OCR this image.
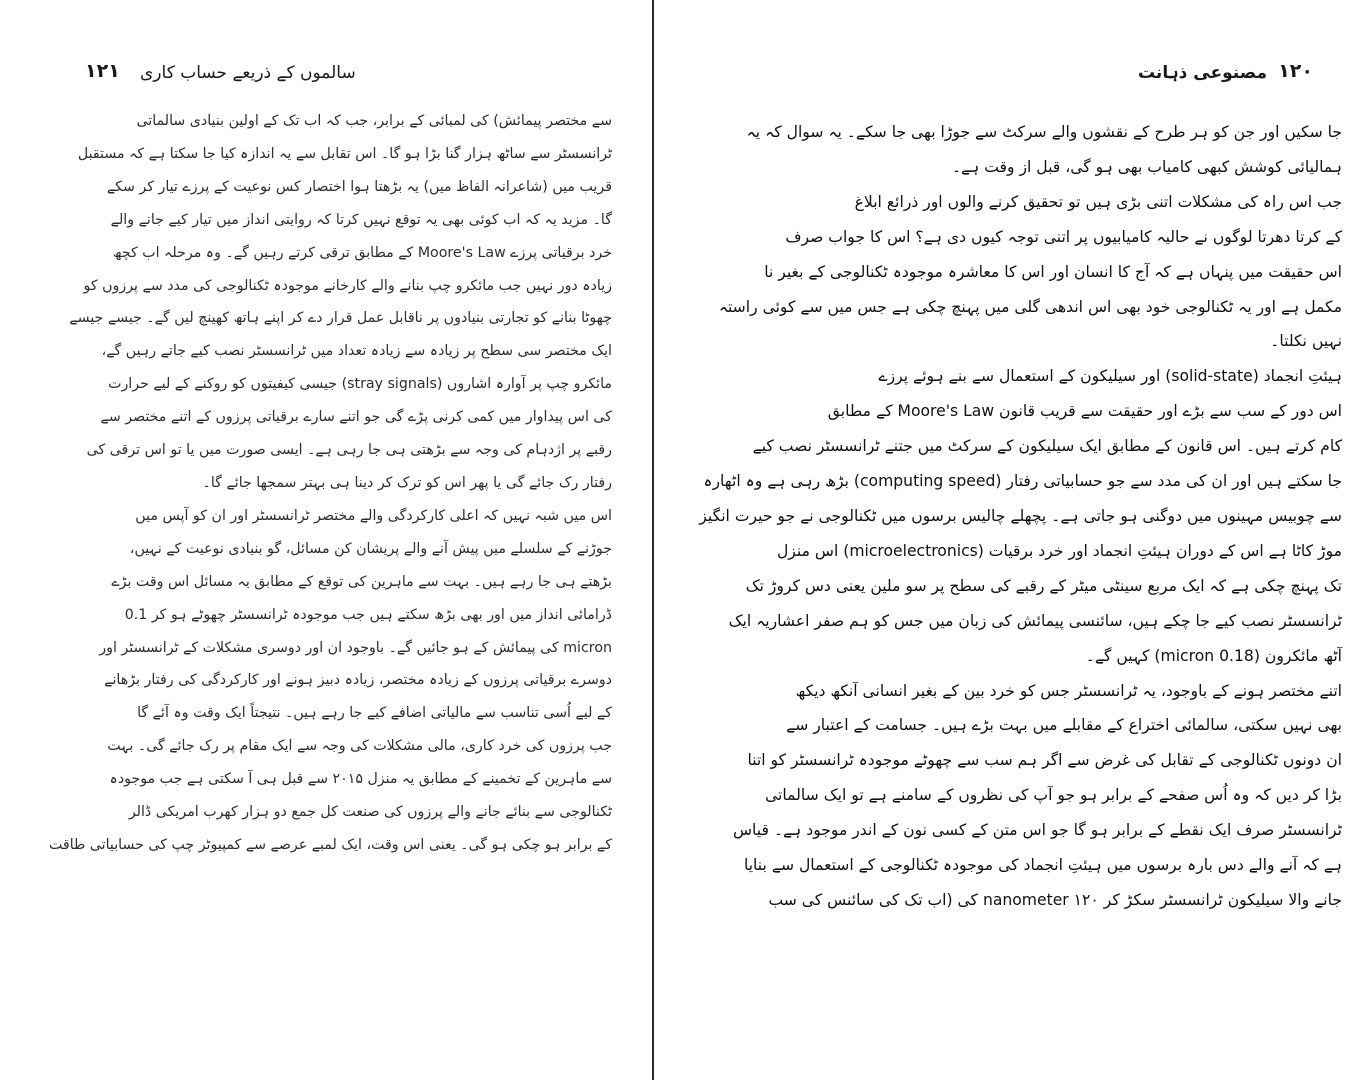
۱۲۱ سالموں کے ذریعے حساب کاری
سے مختصر پیمائش) کی لمبائی کے برابر، جب کہ اب تک کے اولین بنیادی سالماتی
ٹرانسسٹر سے ساٹھ ہزار گنا بڑا ہو گا۔ اس تقابل سے یہ اندازہ کیا جا سکتا ہے کہ مستقبل
قریب میں (شاعرانہ الفاظ میں) یہ بڑھتا ہوا اختصار کس نوعیت کے پرزے تیار کر سکے
گا۔ مزید یہ کہ اب کوئی بھی یہ توقع نہیں کرتا کہ روایتی انداز میں تیار کیے جانے والے
خرد برقیاتی پرزے Moore's Law کے مطابق ترقی کرتے رہیں گے۔ وہ مرحلہ اب کچھ
زیادہ دور نہیں جب مائکرو چپ بنانے والے کارخانے موجودہ ٹکنالوجی کی مدد سے پرزوں کو
چھوٹا بنانے کو تجارتی بنیادوں پر ناقابل عمل قرار دے کر اپنے ہاتھ کھینچ لیں گے۔ جیسے جیسے
ایک مختصر سی سطح پر زیادہ سے زیادہ تعداد میں ٹرانسسٹر نصب کیے جاتے رہیں گے،
مائکرو چپ پر آوارہ اشاروں (stray signals) جیسی کیفیتوں کو روکنے کے لیے حرارت
کی اس پیداوار میں کمی کرنی پڑے گی جو اتنے سارے برقیاتی پرزوں کے اتنے مختصر سے
رقبے پر اژدہام کی وجہ سے بڑھتی ہی جا رہی ہے۔ ایسی صورت میں یا تو اس ترقی کی
رفتار رک جائے گی یا پھر اس کو ترک کر دینا ہی بہتر سمجھا جائے گا۔
اس میں شبہ نہیں کہ اعلی کارکردگی والے مختصر ٹرانسسٹر اور ان کو آپس میں
جوڑنے کے سلسلے میں پیش آنے والے پریشان کن مسائل، گو بنیادی نوعیت کے نہیں،
بڑھتے ہی جا رہے ہیں۔ بہت سے ماہرین کی توقع کے مطابق یہ مسائل اس وقت بڑے
ڈرامائی انداز میں اور بھی بڑھ سکتے ہیں جب موجودہ ٹرانسسٹر چھوٹے ہو کر 0.1
micron کی پیمائش کے ہو جائیں گے۔ باوجود ان اور دوسری مشکلات کے ٹرانسسٹر اور
دوسرے برقیاتی پرزوں کے زیادہ مختصر، زیادہ دبیز ہونے اور کارکردگی کی رفتار بڑھانے
کے لیے اُسی تناسب سے مالیاتی اضافے کیے جا رہے ہیں۔ نتیجتاً ایک وقت وہ آئے گا
جب پرزوں کی خرد کاری، مالی مشکلات کی وجہ سے ایک مقام پر رک جائے گی۔ بہت
سے ماہرین کے تخمینے کے مطابق یہ منزل ۲۰۱۵ سے قبل ہی آ سکتی ہے جب موجودہ
ٹکنالوجی سے بنائے جانے والے پرزوں کی صنعت کل جمع دو ہزار کھرب امریکی ڈالر
کے برابر ہو چکی ہو گی۔ یعنی اس وقت، ایک لمبے عرصے سے کمپیوٹر چپ کی حسابیاتی طاقت
۱۲۰
مصنوعی ذہانت
جا سکیں اور جن کو ہر طرح کے نقشوں والے سرکٹ سے جوڑا بھی جا سکے۔ یہ سوال کہ یہ
ہمالیائی کوشش کبھی کامیاب بھی ہو گی، قبل از وقت ہے۔
جب اس راہ کی مشکلات اتنی بڑی ہیں تو تحقیق کرنے والوں اور ذرائع ابلاغ
کے کرتا دھرتا لوگوں نے حالیہ کامیابیوں پر اتنی توجہ کیوں دی ہے؟ اس کا جواب صرف
اس حقیقت میں پنہاں ہے کہ آج کا انسان اور اس کا معاشرہ موجودہ ٹکنالوجی کے بغیر نا
مکمل ہے اور یہ ٹکنالوجی خود بھی اس اندھی گلی میں پہنچ چکی ہے جس میں سے کوئی راستہ
نہیں نکلتا۔
ہیئتِ انجماد (solid-state) اور سیلیکون کے استعمال سے بنے ہوئے پرزے
اس دور کے سب سے بڑے اور حقیقت سے قریب قانون Moore's Law کے مطابق
کام کرتے ہیں۔ اس قانون کے مطابق ایک سیلیکون کے سرکٹ میں جتنے ٹرانسسٹر نصب کیے
جا سکتے ہیں اور ان کی مدد سے جو حسابیاتی رفتار (computing speed) بڑھ رہی ہے وہ اٹھارہ
سے چوبیس مہینوں میں دوگنی ہو جاتی ہے۔ پچھلے چالیس برسوں میں ٹکنالوجی نے جو حیرت انگیز
موڑ کاٹا ہے اس کے دوران ہیئتِ انجماد اور خرد برقیات (microelectronics) اس منزل
تک پہنچ چکی ہے کہ ایک مربع سینٹی میٹر کے رقبے کی سطح پر سو ملین یعنی دس کروڑ تک
ٹرانسسٹر نصب کیے جا چکے ہیں، سائنسی پیمائش کی زبان میں جس کو ہم صفر اعشاریہ ایک
آٹھ مائکرون (0.18 micron) کہیں گے۔
اتنے مختصر ہونے کے باوجود، یہ ٹرانسسٹر جس کو خرد بین کے بغیر انسانی آنکھ دیکھ
بھی نہیں سکتی، سالمائی اختراع کے مقابلے میں بہت بڑے ہیں۔ جسامت کے اعتبار سے
ان دونوں ٹکنالوجی کے تقابل کی غرض سے اگر ہم سب سے چھوٹے موجودہ ٹرانسسٹر کو اتنا
بڑا کر دیں کہ وہ اُس صفحے کے برابر ہو جو آپ کی نظروں کے سامنے ہے تو ایک سالماتی
ٹرانسسٹر صرف ایک نقطے کے برابر ہو گا جو اس متن کے کسی نون کے اندر موجود ہے۔ قیاس
ہے کہ آنے والے دس بارہ برسوں میں ہیئتِ انجماد کی موجودہ ٹکنالوجی کے استعمال سے بنایا
جانے والا سیلیکون ٹرانسسٹر سکڑ کر ۱۲۰ nanometer کی (اب تک کی سائنس کی سب
